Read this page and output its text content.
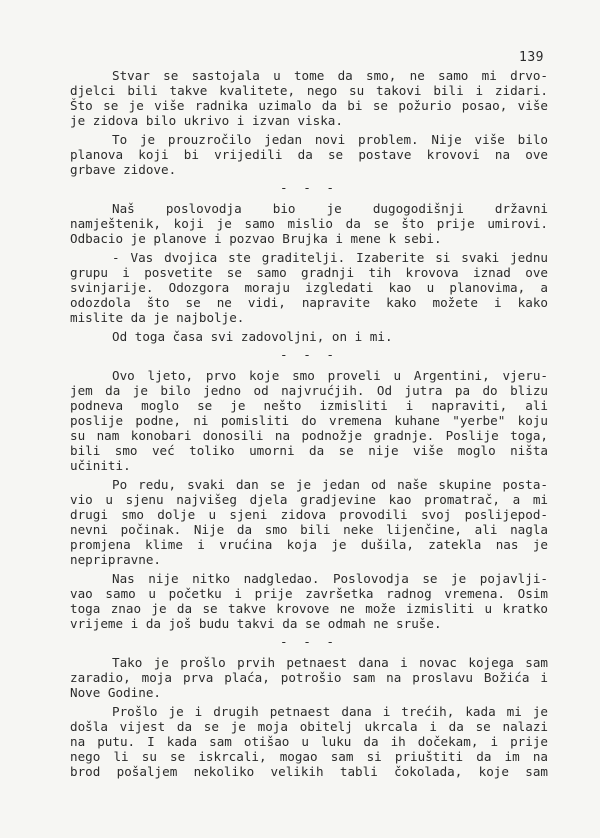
139
Stvar se sastojala u tome da smo, ne samo mi drvo-
djelci bili takve kvalitete, nego su takovi bili i zidari.
Što se je više radnika uzimalo da bi se požurio posao, više
je zidova bilo ukrivo i izvan viska.
To je prouzročilo jedan novi problem. Nije više bilo
planova koji bi vrijedili da se postave krovovi na ove
grbave zidove.
- - -
Naš poslovodja bio je dugogodišnji državni
namještenik, koji je samo mislio da se što prije umirovi.
Odbacio je planove i pozvao Brujka i mene k sebi.
- Vas dvojica ste graditelji. Izaberite si svaki jednu
grupu i posvetite se samo gradnji tih krovova iznad ove
svinjarije. Odozgora moraju izgledati kao u planovima, a
odozdola što se ne vidi, napravite kako možete i kako
mislite da je najbolje.
Od toga časa svi zadovoljni, on i mi.
- - -
Ovo ljeto, prvo koje smo proveli u Argentini, vjeru-
jem da je bilo jedno od najvrućjih. Od jutra pa do blizu
podneva moglo se je nešto izmisliti i napraviti, ali
poslije podne, ni pomisliti do vremena kuhane "yerbe" koju
su nam konobari donosili na podnožje gradnje. Poslije toga,
bili smo već toliko umorni da se nije više moglo ništa
učiniti.
Po redu, svaki dan se je jedan od naše skupine posta-
vio u sjenu najvišeg djela gradjevine kao promatrač, a mi
drugi smo dolje u sjeni zidova provodili svoj poslijepod-
nevni počinak. Nije da smo bili neke lijenčine, ali nagla
promjena klime i vrućina koja je dušila, zatekla nas je
nepripravne.
Nas nije nitko nadgledao. Poslovodja se je pojavlji-
vao samo u početku i prije završetka radnog vremena. Osim
toga znao je da se takve krovove ne može izmisliti u kratko
vrijeme i da još budu takvi da se odmah ne sruše.
- - -
Tako je prošlo prvih petnaest dana i novac kojega sam
zaradio, moja prva plaća, potrošio sam na proslavu Božića i
Nove Godine.
Prošlo je i drugih petnaest dana i trećih, kada mi je
došla vijest da se je moja obitelj ukrcala i da se nalazi
na putu. I kada sam otišao u luku da ih dočekam, i prije
nego li su se iskrcali, mogao sam si priuštiti da im na
brod pošaljem nekoliko velikih tabli čokolada, koje sam
